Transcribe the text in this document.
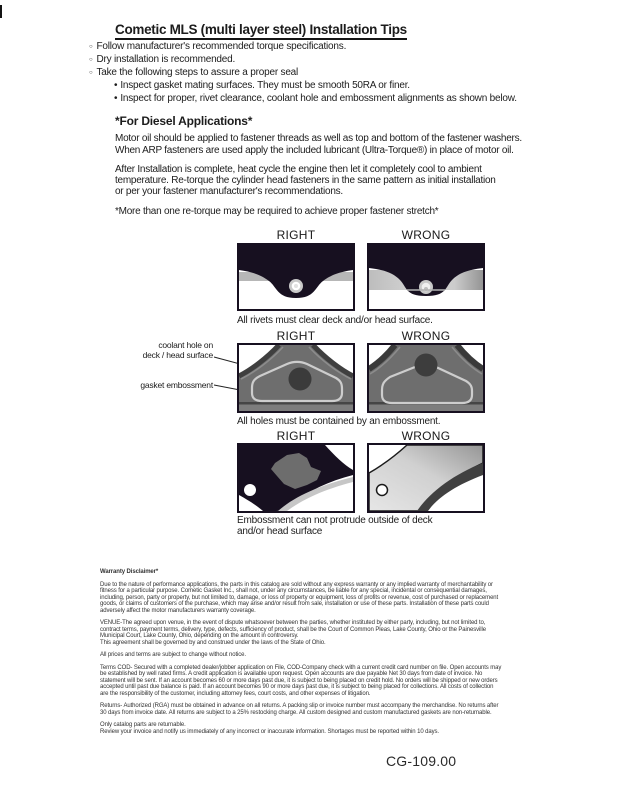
Cometic MLS (multi layer steel) Installation Tips
○ Follow manufacturer's recommended torque specifications.
○ Dry installation is recommended.
○ Take the following steps to assure a proper seal
• Inspect gasket mating surfaces. They must be smooth 50RA or finer.
• Inspect for proper, rivet clearance, coolant hole and embossment alignments as shown below.
*For Diesel Applications*
Motor oil should be applied to fastener threads as well as top and bottom of the fastener washers.
When ARP fasteners are used apply the included lubricant (Ultra-Torque®) in place of motor oil.
After Installation is complete, heat cycle the engine then let it completely cool to ambient
temperature. Re-torque the cylinder head fasteners in the same pattern as initial installation
or per your fastener manufacturer's recommendations.
*More than one re-torque may be required to achieve proper fastener stretch*
RIGHT	WRONG
All rivets must clear deck and/or head surface.
RIGHT	WRONG
coolant hole on
deck / head surface
gasket embossment
All holes must be contained by an embossment.
RIGHT	WRONG
Embossment can not protrude outside of deck
and/or head surface

Warranty Disclaimer*

Due to the nature of performance applications, the parts in this catalog are sold without any express warranty or any implied warranty of merchantability or
fitness for a particular purpose. Cometic Gasket Inc., shall not, under any circumstances, be liable for any special, incidental or consequential damages,
including, person, party or property, but not limited to, damage, or loss of property or equipment, loss of profits or revenue, cost of purchased or replacement
goods, or claims of customers of the purchase, which may arise and/or result from sale, installation or use of these parts. Installation of these parts could
adversely affect the motor manufacturers warranty coverage.

VENUE-The agreed upon venue, in the event of dispute whatsoever between the parties, whether instituted by either party, including, but not limited to,
contract terms, payment terms, delivery, type, defects, sufficiency of product, shall be the Court of Common Pleas, Lake County, Ohio or the Painesville
Municipal Court, Lake County, Ohio, depending on the amount in controversy.
This agreement shall be governed by and construed under the laws of the State of Ohio.

All prices and terms are subject to change without notice.

Terms COD- Secured with a completed dealer/jobber application on File, COD-Company check with a current credit card number on file. Open accounts may
be established by well rated firms. A credit application is available upon request. Open accounts are due payable Net 30 days from date of invoice. No
statement will be sent. If an account becomes 60 or more days past due, it is subject to being placed on credit hold. No orders will be shipped or new orders
accepted until past due balance is paid. If an account becomes 90 or more days past due, it is subject to being placed for collections. All costs of collection
are the responsibility of the customer, including attorney fees, court costs, and other expenses of litigation.

Returns- Authorized (RGA) must be obtained in advance on all returns. A packing slip or invoice number must accompany the merchandise. No returns after
30 days from invoice date. All returns are subject to a 25% restocking charge. All custom designed and custom manufactured gaskets are non-returnable.

Only catalog parts are returnable.
Review your invoice and notify us immediately of any incorrect or inaccurate information. Shortages must be reported within 10 days.

CG-109.00
